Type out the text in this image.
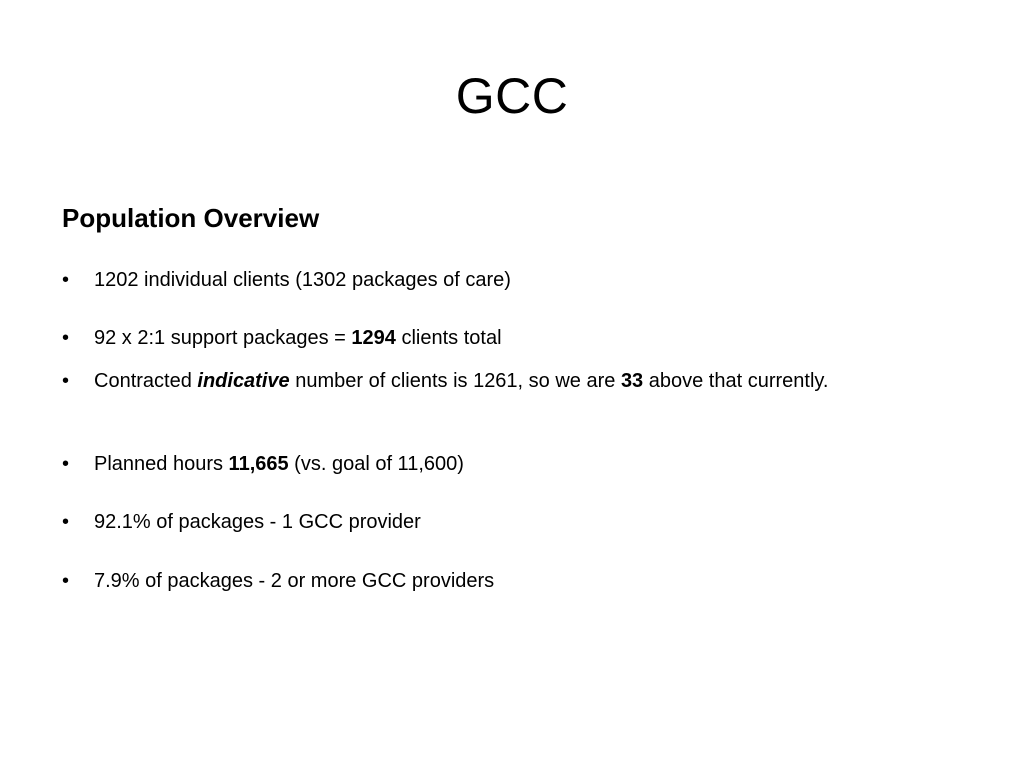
GCC
Population Overview
•	1202 individual clients (1302 packages of care)
•	92 x 2:1 support packages = 1294 clients total
•	Contracted indicative number of clients is 1261, so we are 33 above that currently.
•	Planned hours 11,665 (vs. goal of 11,600)
•	92.1% of packages - 1 GCC provider
•	7.9% of packages - 2 or more GCC providers
